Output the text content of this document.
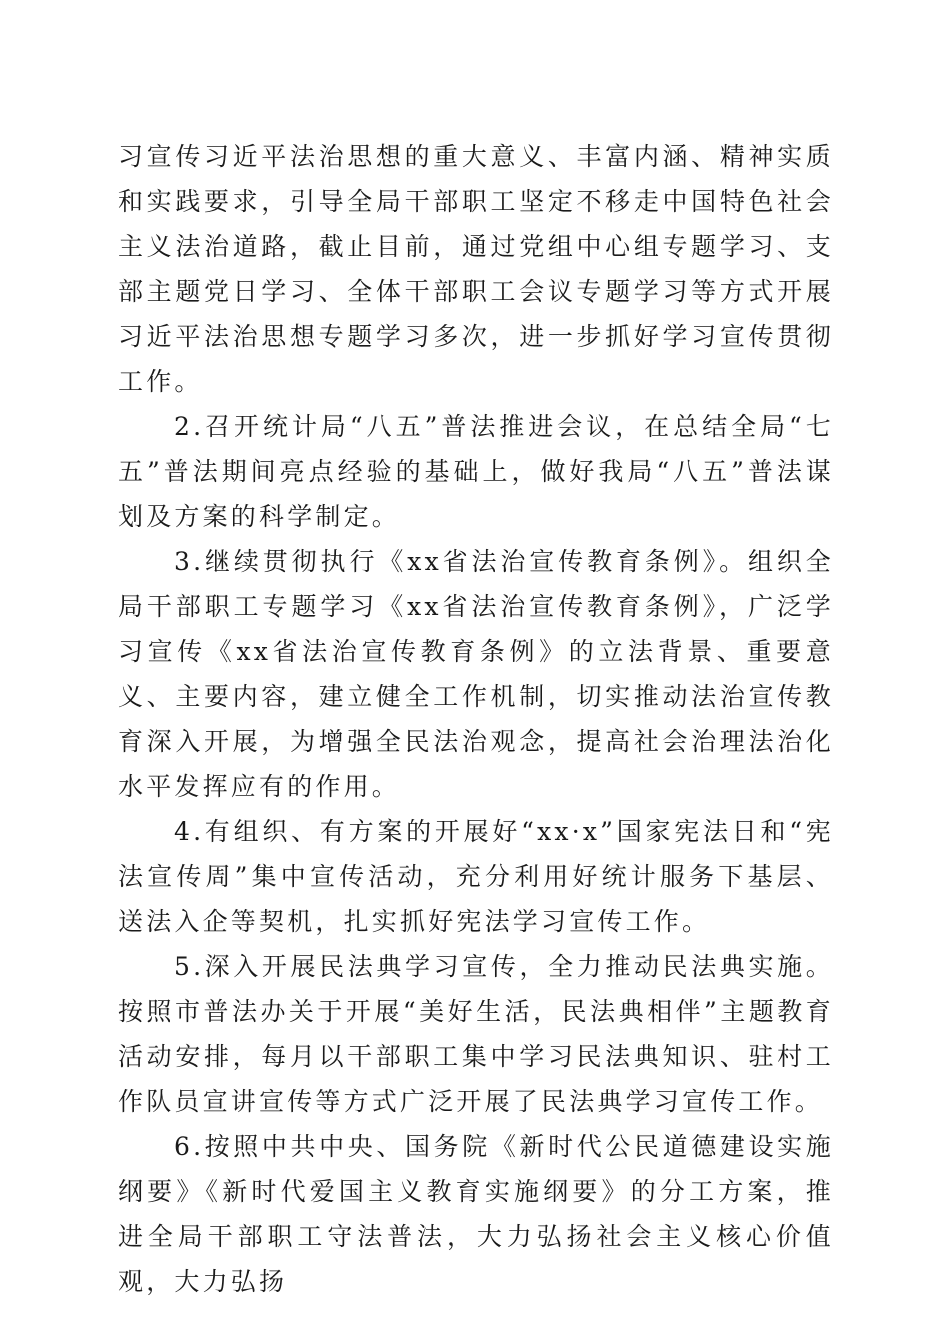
习宣传习近平法治思想的重大意义、丰富内涵、精神实质和实践要求，引导全局干部职工坚定不移走中国特色社会主义法治道路，截止目前，通过党组中心组专题学习、支部主题党日学习、全体干部职工会议专题学习等方式开展习近平法治思想专题学习多次，进一步抓好学习宣传贯彻工作。

2.召开统计局“八五”普法推进会议，在总结全局“七五”普法期间亮点经验的基础上，做好我局“八五”普法谋划及方案的科学制定。

3.继续贯彻执行《xx省法治宣传教育条例》。组织全局干部职工专题学习《xx省法治宣传教育条例》，广泛学习宣传《xx省法治宣传教育条例》的立法背景、重要意义、主要内容，建立健全工作机制，切实推动法治宣传教育深入开展，为增强全民法治观念，提高社会治理法治化水平发挥应有的作用。

4.有组织、有方案的开展好“xx·x”国家宪法日和“宪法宣传周”集中宣传活动，充分利用好统计服务下基层、送法入企等契机，扎实抓好宪法学习宣传工作。

5.深入开展民法典学习宣传，全力推动民法典实施。按照市普法办关于开展“美好生活，民法典相伴”主题教育活动安排，每月以干部职工集中学习民法典知识、驻村工作队员宣讲宣传等方式广泛开展了民法典学习宣传工作。

6.按照中共中央、国务院《新时代公民道德建设实施纲要》《新时代爱国主义教育实施纲要》的分工方案，推进全局干部职工守法普法，大力弘扬社会主义核心价值观，大力弘扬
